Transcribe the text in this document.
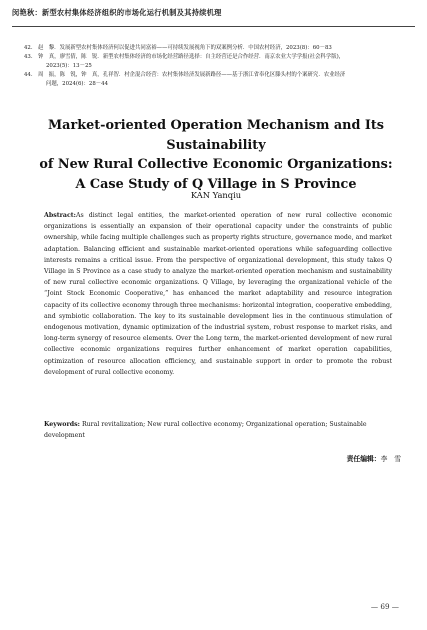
闵艳秋：新型农村集体经济组织的市场化运行机制及其持续机理
42.	赵　黎．发展新型农村集体经济何以促进共同富裕——可持续发展视角下的双案例分析．中国农村经济，2023(8)：60－83
43.	钟　真，廖雪倩，陈　锐．新型农村集体经济的市场化经营路径选择：自主经营还是合作经营．南京农业大学学报(社会科学版)，
2023(5)：13－25
44.	周　振，陈　锐，钟　真，孔祥智．村企混合经营：农村集体经济发展新路径——基于浙江省奉化区滕头村的个案研究．农业经济
问题，2024(6)：28－44
Market-oriented Operation Mechanism and Its Sustainability
of New Rural Collective Economic Organizations:
A Case Study of Q Village in S Province
KAN Yanqiu
Abstract:As distinct legal entities, the market-oriented operation of new rural collective economic organizations is essentially an expansion of their operational capacity under the constraints of public ownership, while facing multiple challenges such as property rights structure, governance mode, and market adaptation. Balancing efficient and sustainable market-oriented operations while safeguarding collective interests remains a critical issue. From the perspective of organizational development, this study takes Q Village in S Province as a case study to analyze the market-oriented operation mechanism and sustainability of new rural collective economic organizations. Q Village, by leveraging the organizational vehicle of the “Joint Stock Economic Cooperative,” has enhanced the market adaptability and resource integration capacity of its collective economy through three mechanisms: horizontal integration, cooperative embedding, and symbiotic collaboration. The key to its sustainable development lies in the continuous stimulation of endogenous motivation, dynamic optimization of the industrial system, robust response to market risks, and long-term synergy of resource elements. Over the Long term, the market-oriented development of new rural collective economic organizations requires further enhancement of market operation capabilities, optimization of resource allocation efficiency, and sustainable support in order to promote the robust development of rural collective economy.
Keywords: Rural revitalization; New rural collective economy; Organizational operation; Sustainable development
责任编辑：李　雪
— 69 —
